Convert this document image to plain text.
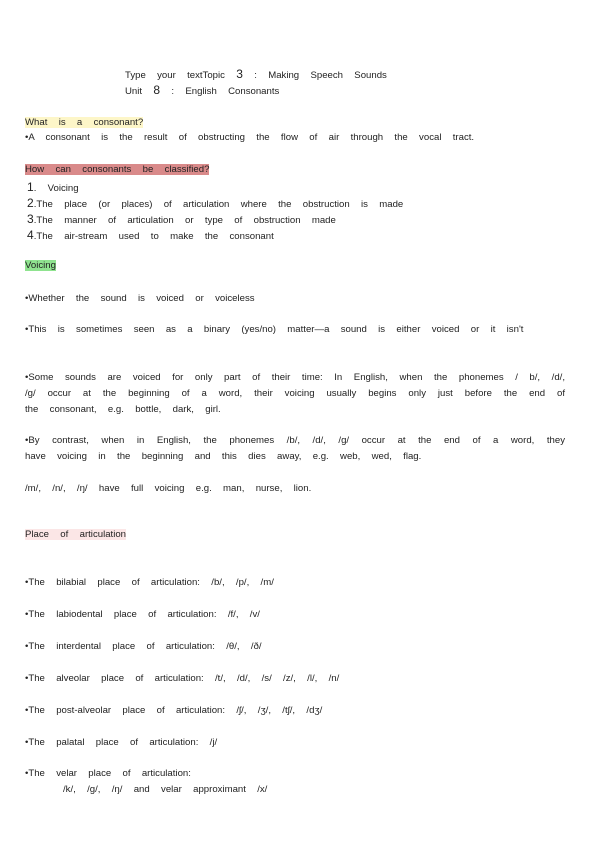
Type your textTopic 3 : Making Speech Sounds
Unit 8 : English Consonants
What is a consonant?
•A consonant is the result of obstructing the flow of air through the vocal tract.
How can consonants be classified?
1. Voicing
2.The place (or places) of articulation where the obstruction is made
3.The manner of articulation or type of obstruction made
4.The air-stream used to make the consonant
Voicing
•Whether the sound is voiced or voiceless
•This is sometimes seen as a binary (yes/no) matter—a sound is either voiced or it isn't
•Some sounds are voiced for only part of their time: In English, when the phonemes / b/, /d/, /g/ occur at the beginning of a word, their voicing usually begins only just before the end of the consonant, e.g. bottle, dark, girl.
•By contrast, when in English, the phonemes /b/, /d/, /g/ occur at the end of a word, they have voicing in the beginning and this dies away, e.g. web, wed, flag.
/m/, /n/, /ŋ/ have full voicing e.g. man, nurse, lion.
Place of articulation
•The bilabial place of articulation: /b/, /p/, /m/
•The labiodental place of articulation: /f/, /v/
•The interdental place of articulation: /θ/, /ð/
•The alveolar place of articulation: /t/, /d/, /s/ /z/, /l/, /n/
•The post-alveolar place of articulation: /ʃ/, /ʒ/, /tʃ/, /dʒ/
•The palatal place of articulation: /j/
•The velar place of articulation:
/k/, /g/, /ŋ/ and velar approximant /x/
